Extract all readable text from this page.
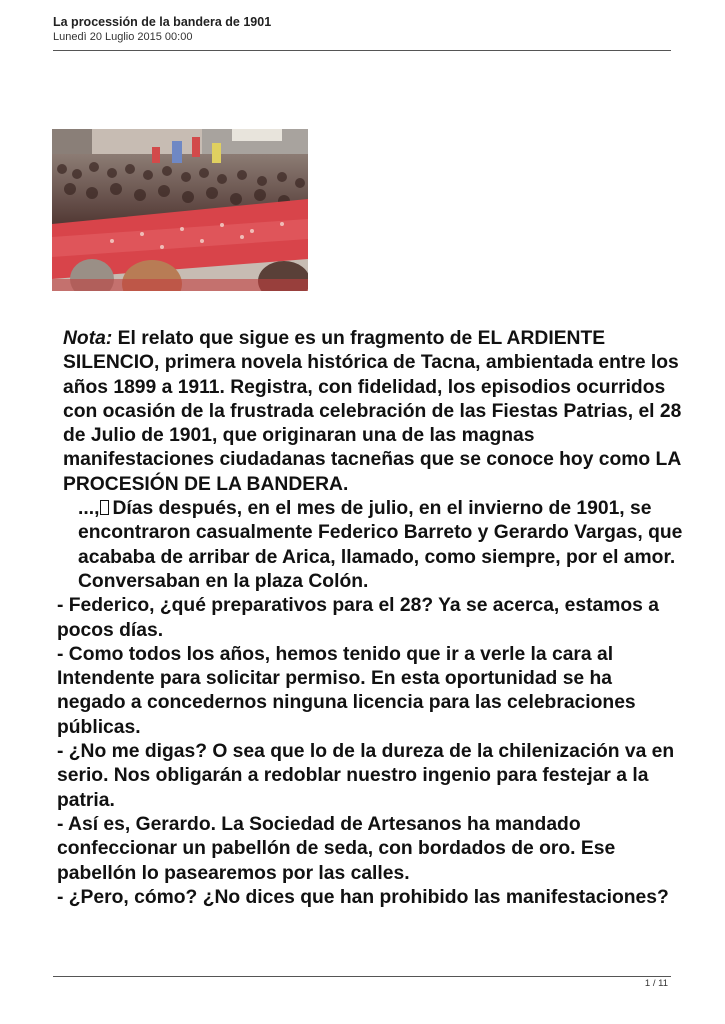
La processión de la bandera de 1901
Lunedì 20 Luglio 2015 00:00

Nota: El relato que sigue es un fragmento de EL ARDIENTE SILENCIO, primera novela histórica de Tacna, ambientada entre los años 1899 a 1911. Registra, con fidelidad, los episodios ocurridos con ocasión de la frustrada celebración de las Fiestas Patrias, el 28 de Julio de 1901, que originaran una de las magnas manifestaciones ciudadanas tacneñas que se conoce hoy como LA PROCESIÓN DE LA BANDERA.

..., Días después, en el mes de julio, en el invierno de 1901, se encontraron casualmente Federico Barreto y Gerardo Vargas, que acababa de arribar de Arica, llamado, como siempre, por el amor. Conversaban en la plaza Colón.

- Federico, ¿qué preparativos para el 28? Ya se acerca, estamos a pocos días.

- Como todos los años, hemos tenido que ir a verle la cara al Intendente para solicitar permiso. En esta oportunidad se ha negado a concedernos ninguna licencia para las celebraciones públicas.

- ¿No me digas? O sea que lo de la dureza de la chilenización va en serio. Nos obligarán a redoblar nuestro ingenio para festejar a la patria.

- Así es, Gerardo. La Sociedad de Artesanos ha mandado confeccionar un pabellón de seda, con bordados de oro. Ese pabellón lo pasearemos por las calles.

- ¿Pero, cómo? ¿No dices que han prohibido las manifestaciones?

1 / 11
